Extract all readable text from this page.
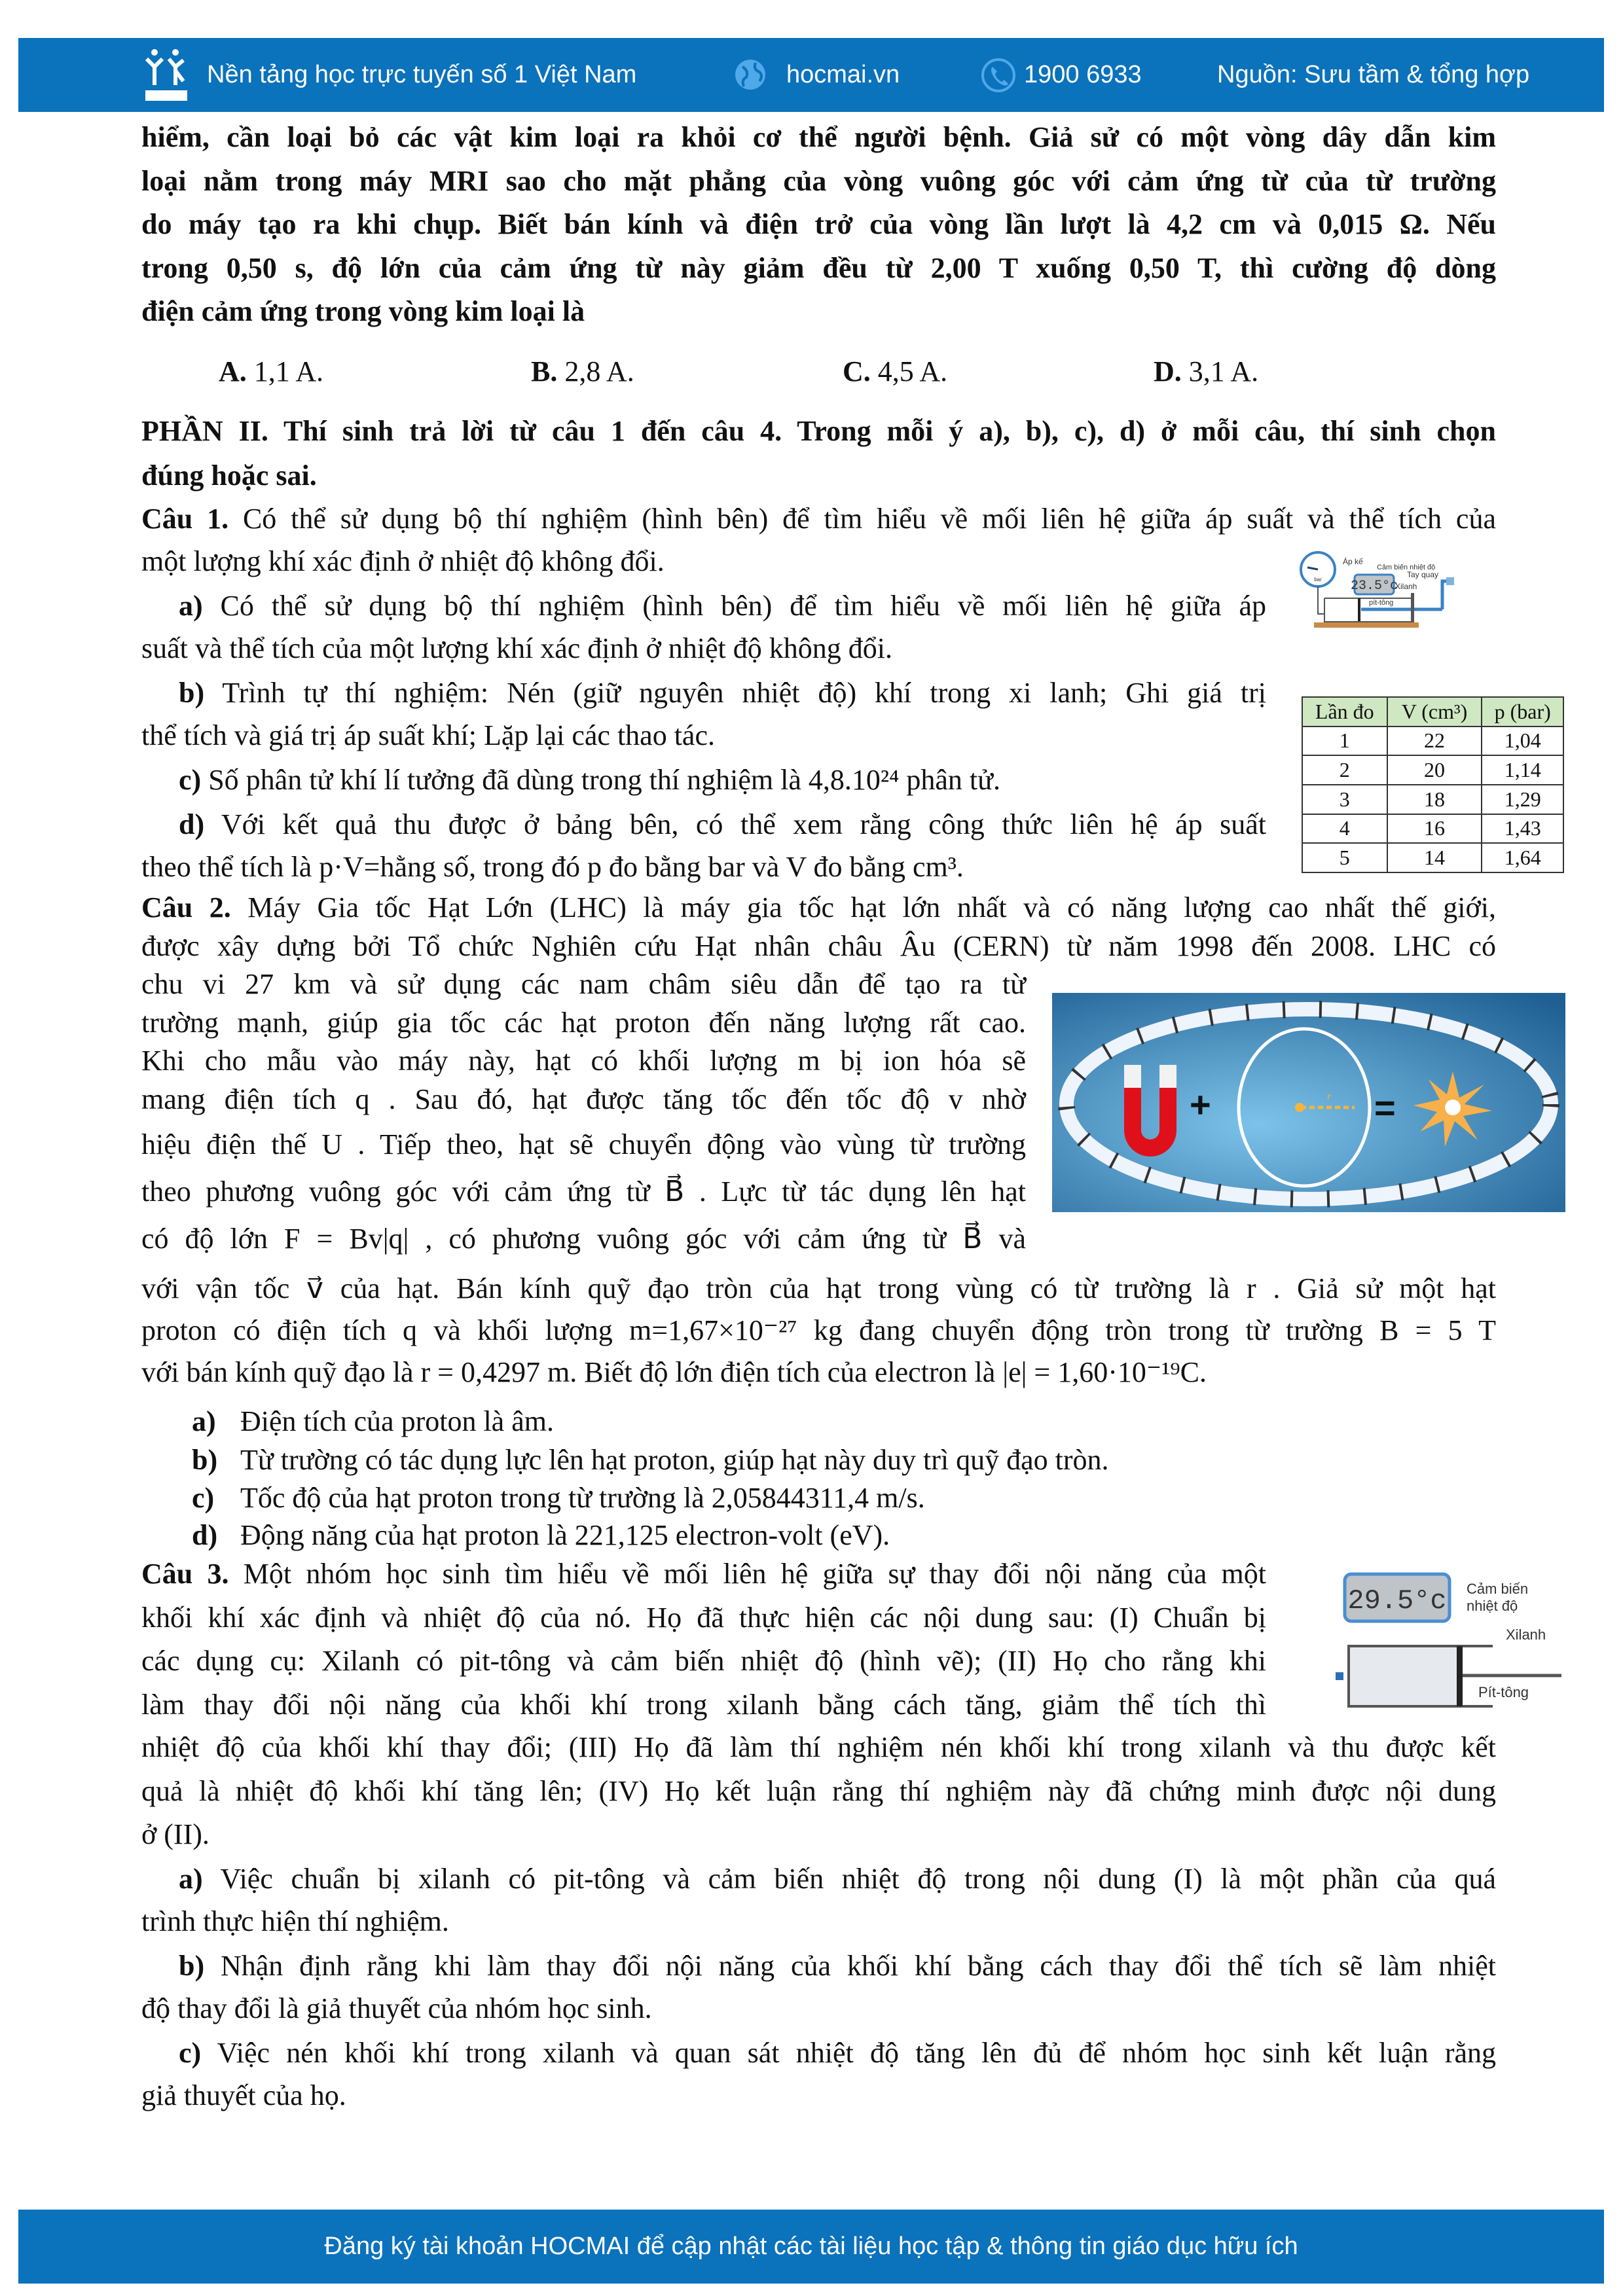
Nền tảng học trực tuyến số 1 Việt Nam	hocmai.vn	1900 6933	Nguồn: Sưu tầm & tổng hợp
hiểm, cần loại bỏ các vật kim loại ra khỏi cơ thể người bệnh. Giả sử có một vòng dây dẫn kim
loại nằm trong máy MRI sao cho mặt phẳng của vòng vuông góc với cảm ứng từ của từ trường
do máy tạo ra khi chụp. Biết bán kính và điện trở của vòng lần lượt là 4,2 cm và 0,015 Ω. Nếu
trong 0,50 s, độ lớn của cảm ứng từ này giảm đều từ 2,00 T xuống 0,50 T, thì cường độ dòng
điện cảm ứng trong vòng kim loại là
A. 1,1 A.	B. 2,8 A.	C. 4,5 A.	D. 3,1 A.
PHẦN II. Thí sinh trả lời từ câu 1 đến câu 4. Trong mỗi ý a), b), c), d) ở mỗi câu, thí sinh chọn
đúng hoặc sai.
Câu 1. Có thể sử dụng bộ thí nghiệm (hình bên) để tìm hiểu về mối liên hệ giữa áp suất và thể tích của
một lượng khí xác định ở nhiệt độ không đổi.
a) Có thể sử dụng bộ thí nghiệm (hình bên) để tìm hiểu về mối liên hệ giữa áp
suất và thể tích của một lượng khí xác định ở nhiệt độ không đổi.
b) Trình tự thí nghiệm: Nén (giữ nguyên nhiệt độ) khí trong xi lanh; Ghi giá trị
thể tích và giá trị áp suất khí; Lặp lại các thao tác.
c) Số phân tử khí lí tưởng đã dùng trong thí nghiệm là 4,8.10²⁴ phân tử.
d) Với kết quả thu được ở bảng bên, có thể xem rằng công thức liên hệ áp suất
theo thể tích là p·V=hằng số, trong đó p đo bằng bar và V đo bằng cm³.
Câu 2. Máy Gia tốc Hạt Lớn (LHC) là máy gia tốc hạt lớn nhất và có năng lượng cao nhất thế giới,
được xây dựng bởi Tổ chức Nghiên cứu Hạt nhân châu Âu (CERN) từ năm 1998 đến 2008. LHC có
chu vi 27 km và sử dụng các nam châm siêu dẫn để tạo ra từ
trường mạnh, giúp gia tốc các hạt proton đến năng lượng rất cao.
Khi cho mẫu vào máy này, hạt có khối lượng m bị ion hóa sẽ
mang điện tích q . Sau đó, hạt được tăng tốc đến tốc độ v nhờ
hiệu điện thế U . Tiếp theo, hạt sẽ chuyển động vào vùng từ trường
theo phương vuông góc với cảm ứng từ B⃗ . Lực từ tác dụng lên hạt
có độ lớn F = Bv|q| , có phương vuông góc với cảm ứng từ B⃗ và
với vận tốc v⃗ của hạt. Bán kính quỹ đạo tròn của hạt trong vùng có từ trường là r . Giả sử một hạt
proton có điện tích q và khối lượng m=1,67×10⁻²⁷ kg đang chuyển động tròn trong từ trường B = 5 T
với bán kính quỹ đạo là r = 0,4297 m. Biết độ lớn điện tích của electron là |e| = 1,60·10⁻¹⁹C.
a) Điện tích của proton là âm.
b) Từ trường có tác dụng lực lên hạt proton, giúp hạt này duy trì quỹ đạo tròn.
c) Tốc độ của hạt proton trong từ trường là 2,05844311,4 m/s.
d) Động năng của hạt proton là 221,125 electron-volt (eV).
Câu 3. Một nhóm học sinh tìm hiểu về mối liên hệ giữa sự thay đổi nội năng của một
khối khí xác định và nhiệt độ của nó. Họ đã thực hiện các nội dung sau: (I) Chuẩn bị
các dụng cụ: Xilanh có pit-tông và cảm biến nhiệt độ (hình vẽ); (II) Họ cho rằng khi
làm thay đổi nội năng của khối khí trong xilanh bằng cách tăng, giảm thể tích thì
nhiệt độ của khối khí thay đổi; (III) Họ đã làm thí nghiệm nén khối khí trong xilanh và thu được kết
quả là nhiệt độ khối khí tăng lên; (IV) Họ kết luận rằng thí nghiệm này đã chứng minh được nội dung
ở (II).
a) Việc chuẩn bị xilanh có pit-tông và cảm biến nhiệt độ trong nội dung (I) là một phần của quá
trình thực hiện thí nghiệm.
b) Nhận định rằng khi làm thay đổi nội năng của khối khí bằng cách thay đổi thể tích sẽ làm nhiệt
độ thay đổi là giả thuyết của nhóm học sinh.
c) Việc nén khối khí trong xilanh và quan sát nhiệt độ tăng lên đủ để nhóm học sinh kết luận rằng
giả thuyết của họ.
bar
Áp kế
Cảm biến nhiệt độ
23.5°c
Tay quay
Xilanh
pít-tông
Lần đo	V (cm³)	p (bar)
1	22	1,04
2	20	1,14
3	18	1,29
4	16	1,43
5	14	1,64
+	r =
29.5°c Cảm biến
nhiệt độ
Xilanh
Pít-tông
Đăng ký tài khoản HOCMAI để cập nhật các tài liệu học tập & thông tin giáo dục hữu ích
